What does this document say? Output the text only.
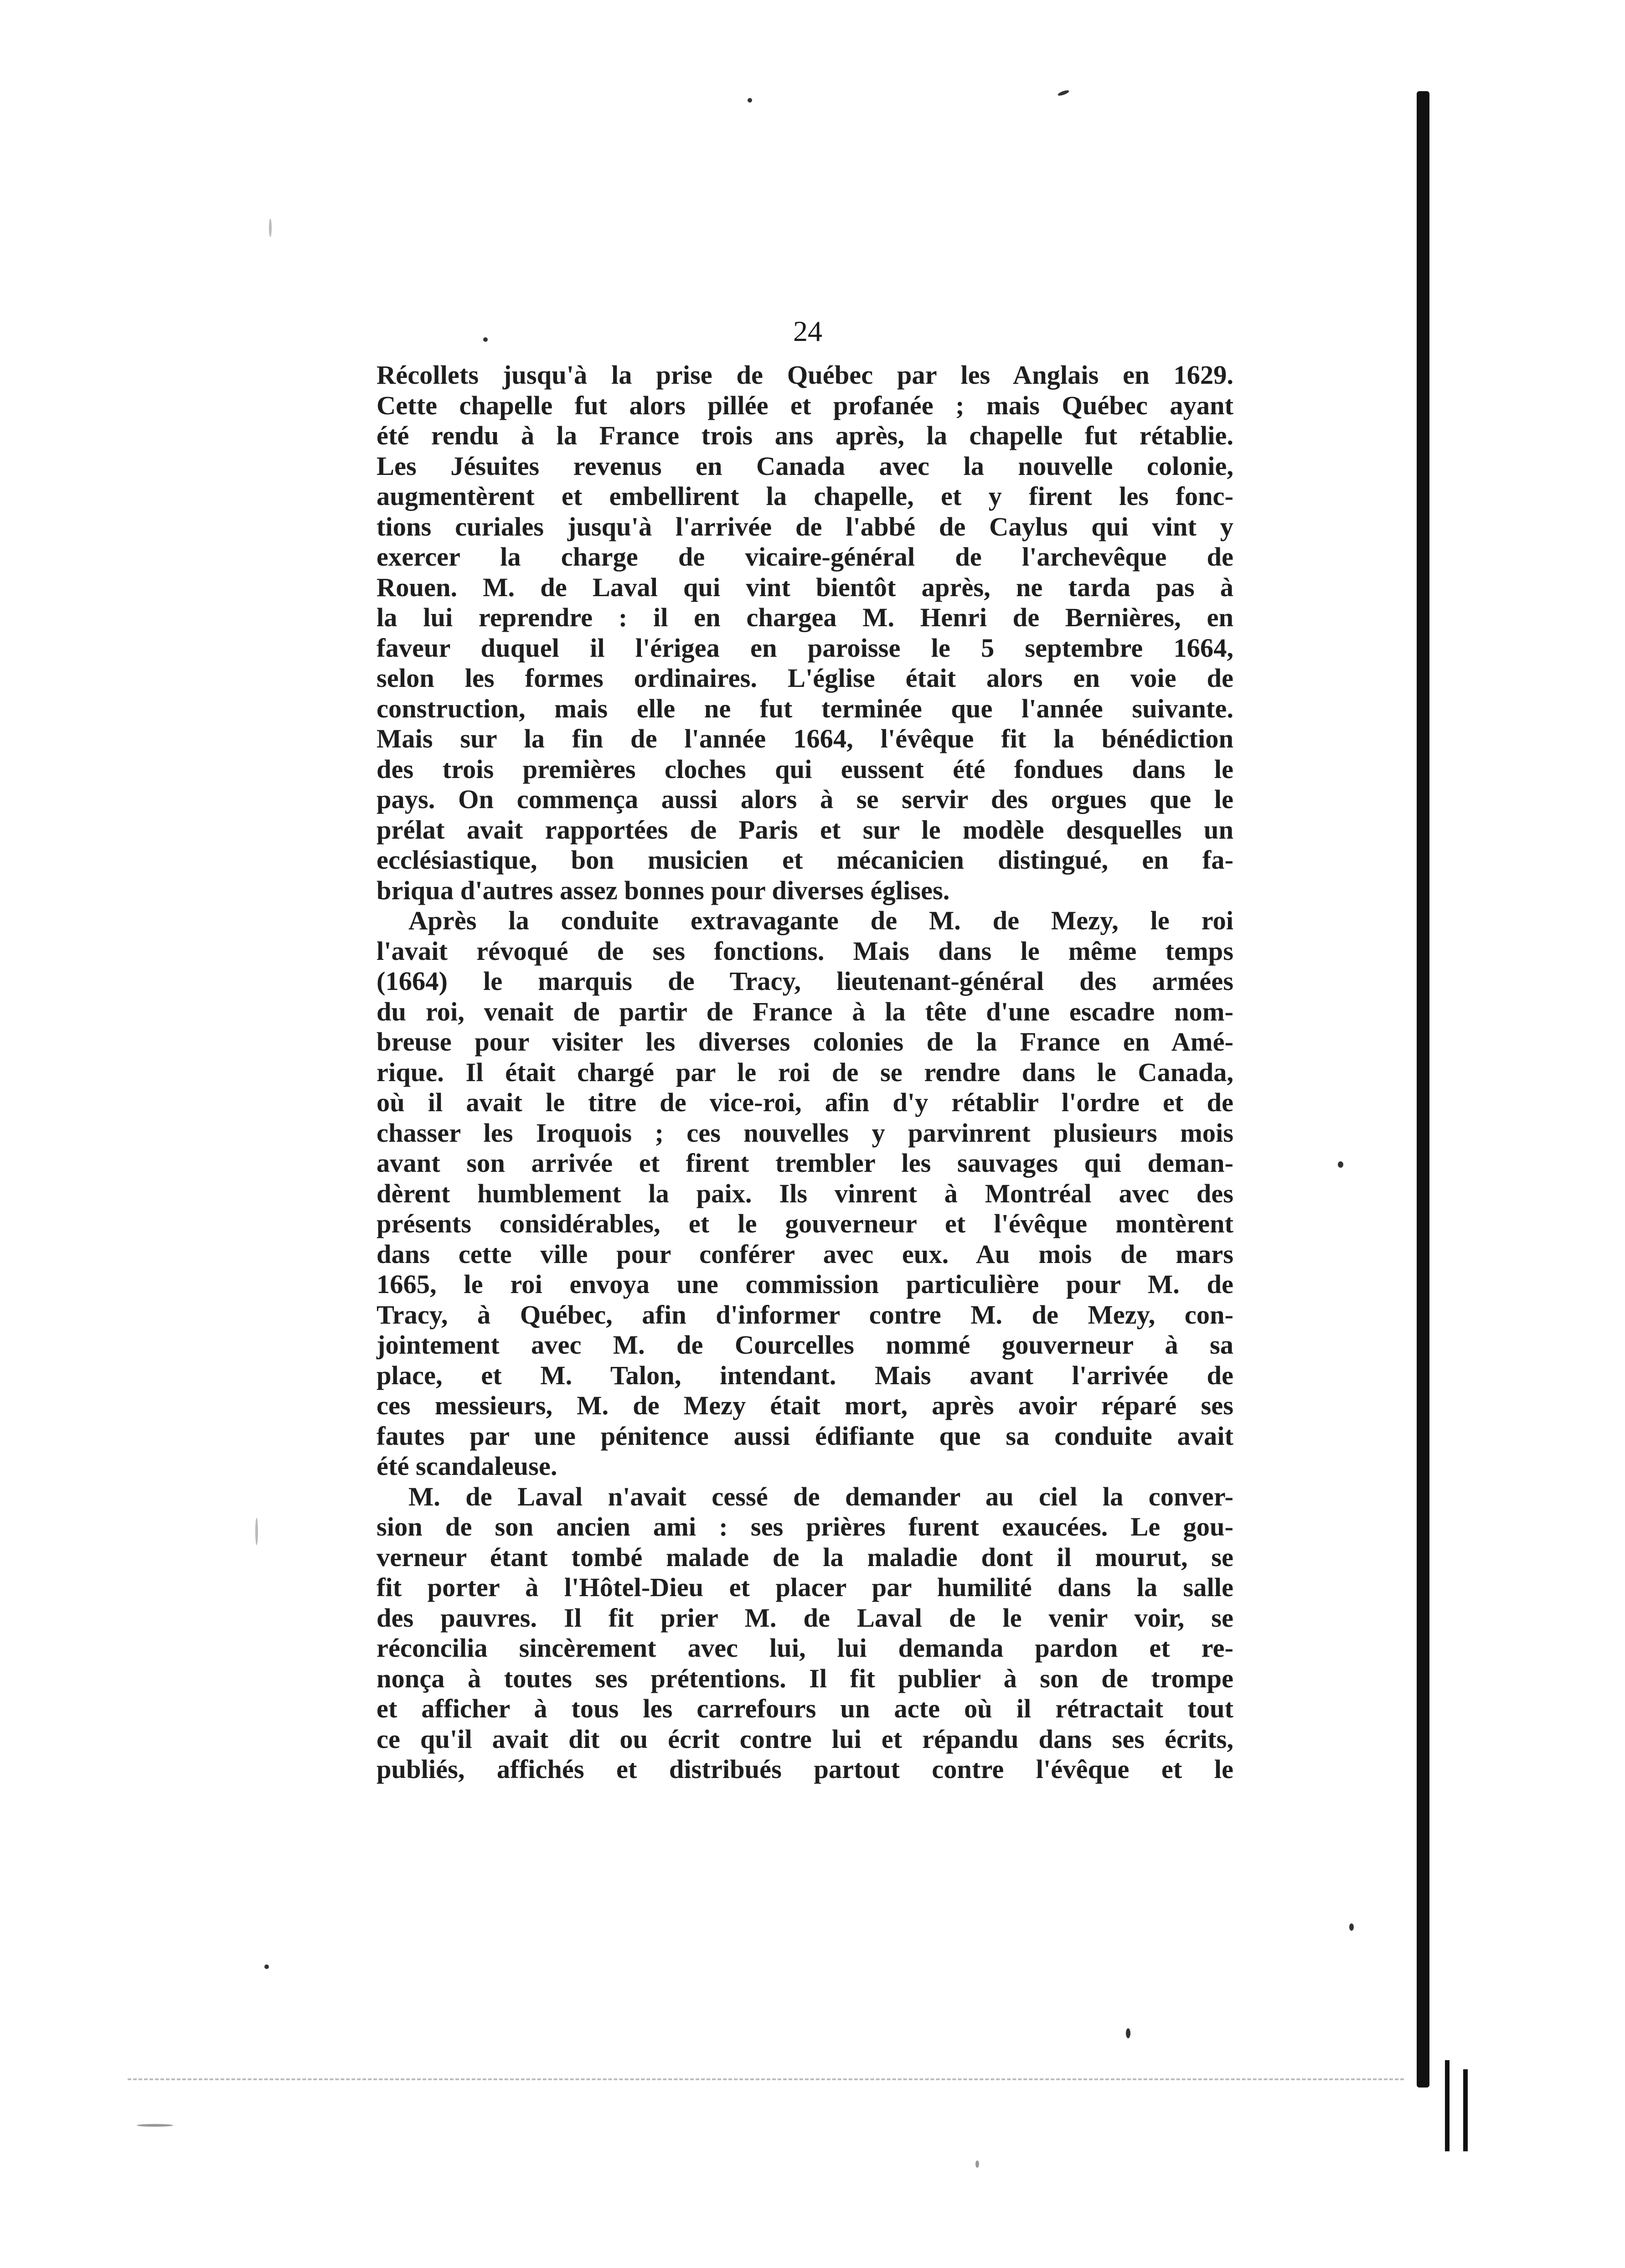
24
Récollets jusqu'à la prise de Québec par les Anglais en 1629.
Cette chapelle fut alors pillée et profanée ; mais Québec ayant
été rendu à la France trois ans après, la chapelle fut rétablie.
Les Jésuites revenus en Canada avec la nouvelle colonie,
augmentèrent et embellirent la chapelle, et y firent les fonc-
tions curiales jusqu'à l'arrivée de l'abbé de Caylus qui vint y
exercer la charge de vicaire-général de l'archevêque de
Rouen. M. de Laval qui vint bientôt après, ne tarda pas à
la lui reprendre : il en chargea M. Henri de Bernières, en
faveur duquel il l'érigea en paroisse le 5 septembre 1664,
selon les formes ordinaires. L'église était alors en voie de
construction, mais elle ne fut terminée que l'année suivante.
Mais sur la fin de l'année 1664, l'évêque fit la bénédiction
des trois premières cloches qui eussent été fondues dans le
pays. On commença aussi alors à se servir des orgues que le
prélat avait rapportées de Paris et sur le modèle desquelles un
ecclésiastique, bon musicien et mécanicien distingué, en fa-
briqua d'autres assez bonnes pour diverses églises.
Après la conduite extravagante de M. de Mezy, le roi
l'avait révoqué de ses fonctions. Mais dans le même temps
(1664) le marquis de Tracy, lieutenant-général des armées
du roi, venait de partir de France à la tête d'une escadre nom-
breuse pour visiter les diverses colonies de la France en Amé-
rique. Il était chargé par le roi de se rendre dans le Canada,
où il avait le titre de vice-roi, afin d'y rétablir l'ordre et de
chasser les Iroquois ; ces nouvelles y parvinrent plusieurs mois
avant son arrivée et firent trembler les sauvages qui deman-
dèrent humblement la paix. Ils vinrent à Montréal avec des
présents considérables, et le gouverneur et l'évêque montèrent
dans cette ville pour conférer avec eux. Au mois de mars
1665, le roi envoya une commission particulière pour M. de
Tracy, à Québec, afin d'informer contre M. de Mezy, con-
jointement avec M. de Courcelles nommé gouverneur à sa
place, et M. Talon, intendant. Mais avant l'arrivée de
ces messieurs, M. de Mezy était mort, après avoir réparé ses
fautes par une pénitence aussi édifiante que sa conduite avait
été scandaleuse.
M. de Laval n'avait cessé de demander au ciel la conver-
sion de son ancien ami : ses prières furent exaucées. Le gou-
verneur étant tombé malade de la maladie dont il mourut, se
fit porter à l'Hôtel-Dieu et placer par humilité dans la salle
des pauvres. Il fit prier M. de Laval de le venir voir, se
réconcilia sincèrement avec lui, lui demanda pardon et re-
nonça à toutes ses prétentions. Il fit publier à son de trompe
et afficher à tous les carrefours un acte où il rétractait tout
ce qu'il avait dit ou écrit contre lui et répandu dans ses écrits,
publiés, affichés et distribués partout contre l'évêque et le
